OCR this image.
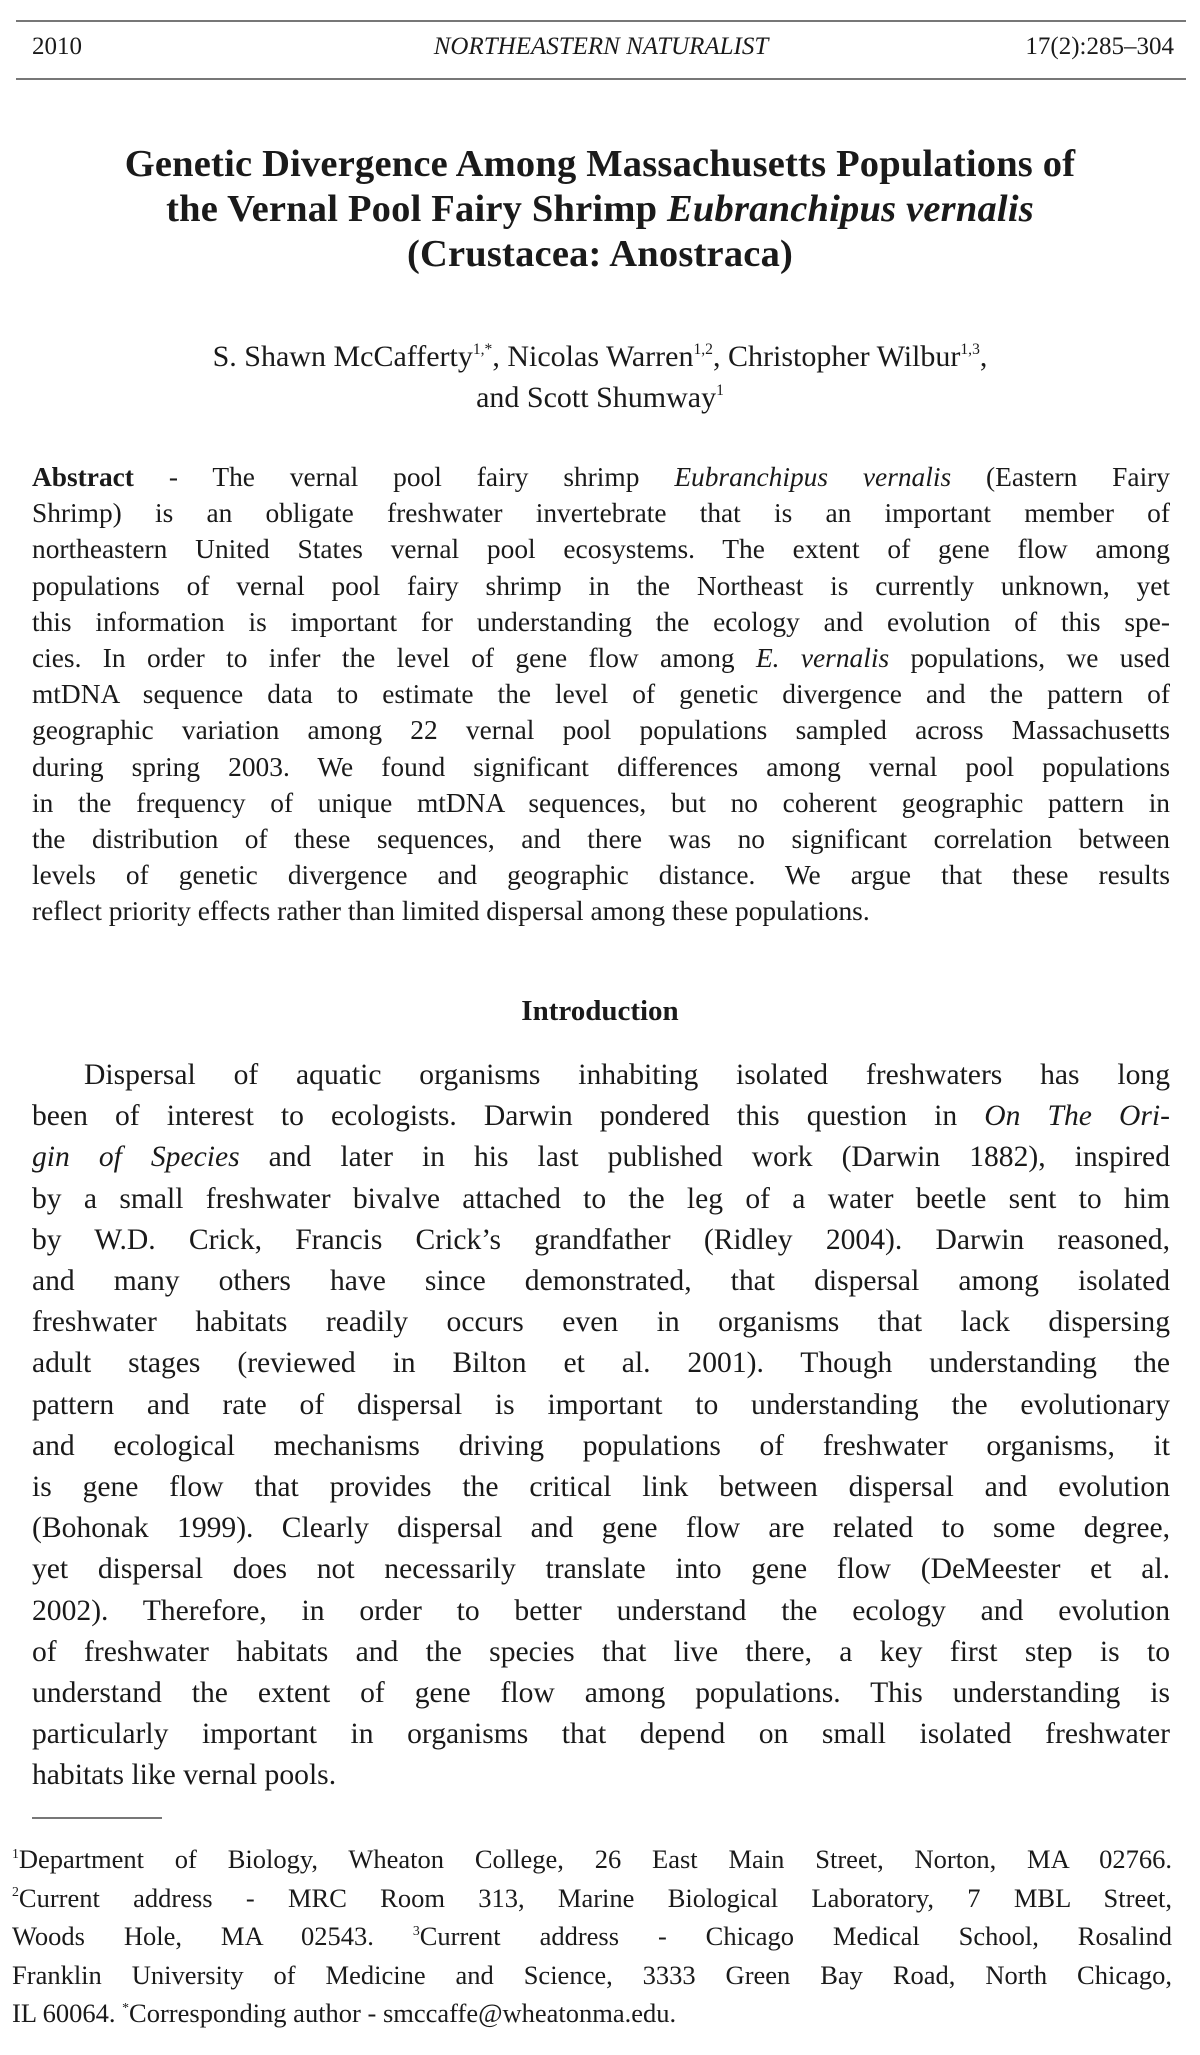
2010	NORTHEASTERN NATURALIST	17(2):285–304
Genetic Divergence Among Massachusetts Populations of
the Vernal Pool Fairy Shrimp Eubranchipus vernalis
(Crustacea: Anostraca)
S. Shawn McCafferty$^{1,*}$, Nicolas Warren$^{1,2}$, Christopher Wilbur$^{1,3}$,
and Scott Shumway$^1$
Abstract - The vernal pool fairy shrimp Eubranchipus vernalis (Eastern Fairy
Shrimp) is an obligate freshwater invertebrate that is an important member of
northeastern United States vernal pool ecosystems. The extent of gene flow among
populations of vernal pool fairy shrimp in the Northeast is currently unknown, yet
this information is important for understanding the ecology and evolution of this spe-
cies. In order to infer the level of gene flow among E. vernalis populations, we used
mtDNA sequence data to estimate the level of genetic divergence and the pattern of
geographic variation among 22 vernal pool populations sampled across Massachusetts
during spring 2003. We found significant differences among vernal pool populations
in the frequency of unique mtDNA sequences, but no coherent geographic pattern in
the distribution of these sequences, and there was no significant correlation between
levels of genetic divergence and geographic distance. We argue that these results
reflect priority effects rather than limited dispersal among these populations.
Introduction
Dispersal of aquatic organisms inhabiting isolated freshwaters has long
been of interest to ecologists. Darwin pondered this question in On The Ori-
gin of Species and later in his last published work (Darwin 1882), inspired
by a small freshwater bivalve attached to the leg of a water beetle sent to him
by W.D. Crick, Francis Crick’s grandfather (Ridley 2004). Darwin reasoned,
and many others have since demonstrated, that dispersal among isolated
freshwater habitats readily occurs even in organisms that lack dispersing
adult stages (reviewed in Bilton et al. 2001). Though understanding the
pattern and rate of dispersal is important to understanding the evolutionary
and ecological mechanisms driving populations of freshwater organisms, it
is gene flow that provides the critical link between dispersal and evolution
(Bohonak 1999). Clearly dispersal and gene flow are related to some degree,
yet dispersal does not necessarily translate into gene flow (DeMeester et al.
2002). Therefore, in order to better understand the ecology and evolution
of freshwater habitats and the species that live there, a key first step is to
understand the extent of gene flow among populations. This understanding is
particularly important in organisms that depend on small isolated freshwater
habitats like vernal pools.
$^1$Department of Biology, Wheaton College, 26 East Main Street, Norton, MA 02766.
$^2$Current address - MRC Room 313, Marine Biological Laboratory, 7 MBL Street,
Woods Hole, MA 02543. $^3$Current address - Chicago Medical School, Rosalind
Franklin University of Medicine and Science, 3333 Green Bay Road, North Chicago,
IL 60064. *Corresponding author - smccaffe@wheatonma.edu.
